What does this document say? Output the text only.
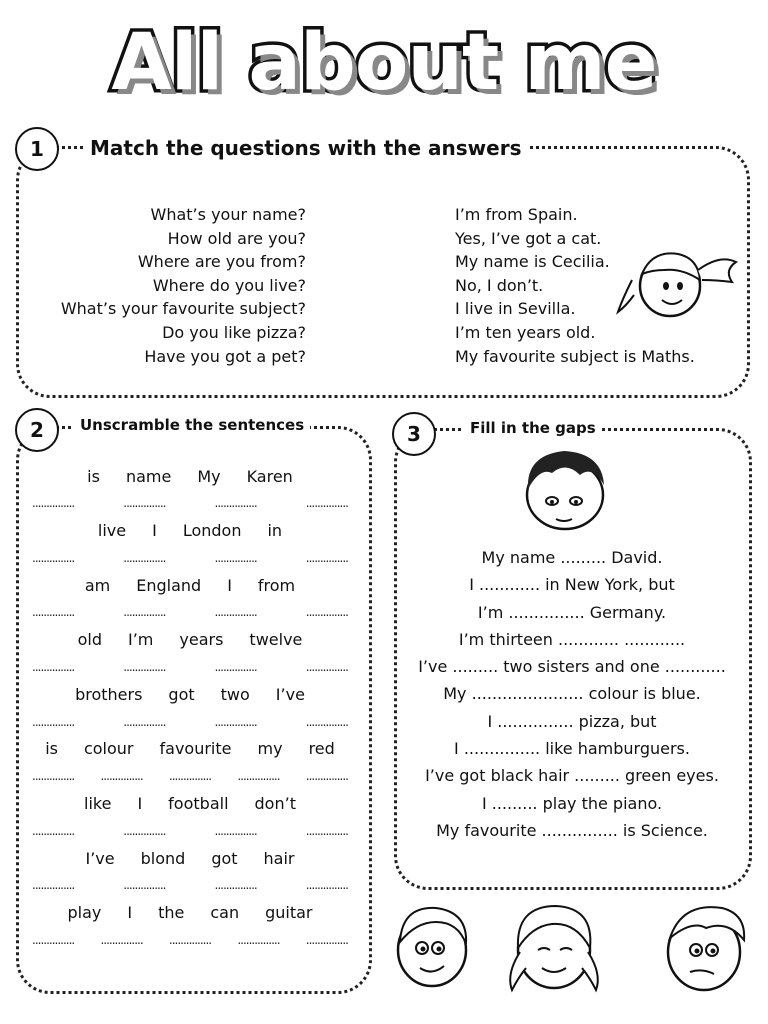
All about me
1	Match the questions with the answers
What’s your name?
How old are you?
Where are you from?
Where do you live?
What’s your favourite subject?
Do you like pizza?
Have you got a pet?
I’m from Spain.
Yes, I’ve got a cat.
My name is Cecilia.
No, I don’t.
I live in Sevilla.
I’m ten years old.
My favourite subject is Maths.
2	Unscramble the sentences
is name My Karen
...............	...............	...............	...............
live I London in
...............	...............	...............	...............
am England I from
...............	...............	...............	...............
old I’m years twelve
...............	...............	...............	...............
brothers got two I’ve
...............	...............	...............	...............
is colour favourite my red
............... ............... ............... ............... ...............
like I football don’t
...............	...............	...............	...............
I’ve blond got hair
...............	...............	...............	...............
play I the can guitar
............... ............... ............... ............... ...............
3	Fill in the gaps
My name ......... David.
I ............ in New York, but
I’m ............... Germany.
I’m thirteen ............ ............
I’ve ......... two sisters and one ............
My ...................... colour is blue.
I ............... pizza, but
I ............... like hamburguers.
I’ve got black hair ......... green eyes.
I ......... play the piano.
My favourite ............... is Science.
